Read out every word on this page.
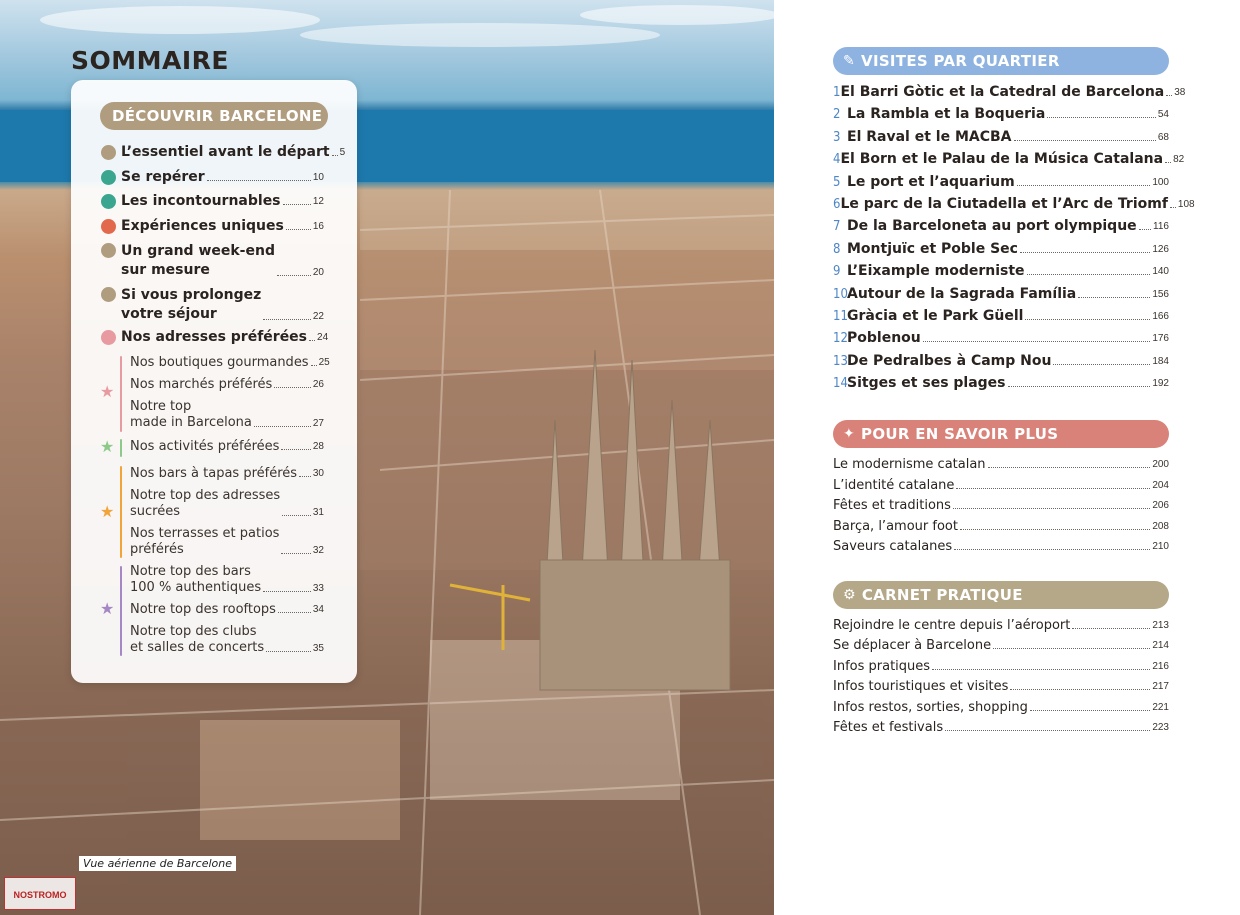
SOMMAIRE
DÉCOUVRIR BARCELONE
L’essentiel avant le départ 5
Se repérer	10
Les incontournables	12
Expériences uniques	16
Un grand week-end
sur mesure	20
Si vous prolongez
votre séjour	22
Nos adresses préférées 24
★
Nos boutiques gourmandes 25
Nos marchés préférés	26
Notre top
made in Barcelona	27
★ Nos activités préférées	28
★
Nos bars à tapas préférés 30
Notre top des adresses
sucrées	31
Nos terrasses et patios
préférés	32
★
Notre top des bars
100 % authentiques	33
Notre top des rooftops	34
Notre top des clubs
et salles de concerts	35
Vue aérienne de Barcelone
NOSTROMO
✎ VISITES PAR QUARTIER
1 El Barri Gòtic et la Catedral de Barcelona 38
2 La Rambla et la Boqueria	54
3 El Raval et le MACBA	68
4 El Born et le Palau de la Música Catalana 82
5 Le port et l’aquarium	100
6 Le parc de la Ciutadella et l’Arc de Triomf 108
7 De la Barceloneta au port olympique 116
8 Montjuïc et Poble Sec	126
9 L’Eixample moderniste	140
10 Autour de la Sagrada Família	156
11 Gràcia et le Park Güell	166
12 Poblenou	176
13 De Pedralbes à Camp Nou	184
14 Sitges et ses plages	192
✦ POUR EN SAVOIR PLUS
Le modernisme catalan	200
L’identité catalane	204
Fêtes et traditions	206
Barça, l’amour foot	208
Saveurs catalanes	210
⚙ CARNET PRATIQUE
Rejoindre le centre depuis l’aéroport	213
Se déplacer à Barcelone	214
Infos pratiques	216
Infos touristiques et visites	217
Infos restos, sorties, shopping	221
Fêtes et festivals	223
